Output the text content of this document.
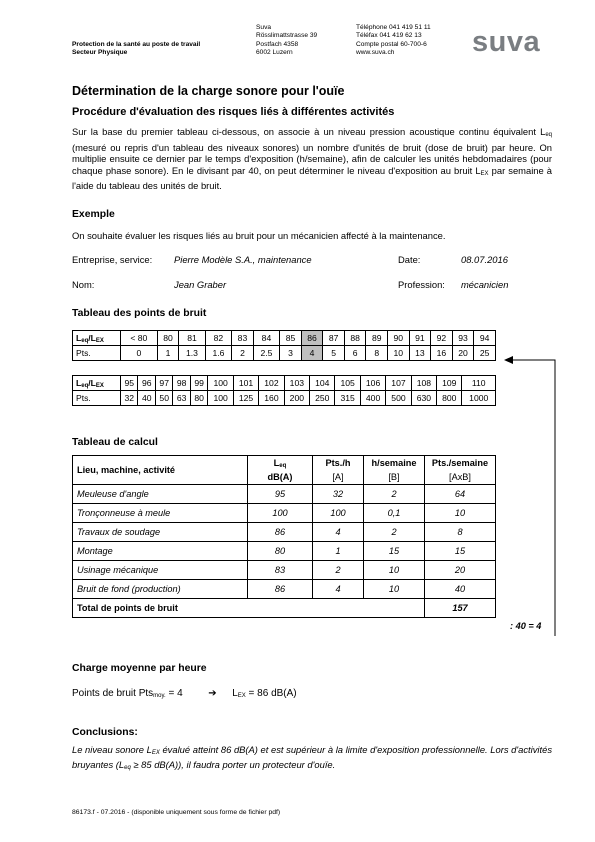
Protection de la santé au poste de travail
Secteur Physique
Suva
Rösslimattstrasse 39
Postfach 4358
6002 Luzern
Téléphone 041 419 51 11
Téléfax 041 419 62 13
Compte postal 60-700-6
www.suva.ch	suva
Détermination de la charge sonore pour l'ouïe
Procédure d'évaluation des risques liés à différentes activités
Sur la base du premier tableau ci-dessous, on associe à un niveau pression acoustique continu équivalent Leq (mesuré ou repris d'un tableau des niveaux sonores) un nombre d'unités de bruit (dose de bruit) par heure. On multiplie ensuite ce dernier par le temps d'exposition (h/semaine), afin de calculer les unités hebdomadaires (pour chaque phase sonore). En le divisant par 40, on peut déterminer le niveau d'exposition au bruit LEX par semaine à l'aide du tableau des unités de bruit.
Exemple
On souhaite évaluer les risques liés au bruit pour un mécanicien affecté à la maintenance.
Entreprise, service: Pierre Modèle S.A., maintenance	Date:	08.07.2016
Nom:	Jean Graber	Profession: mécanicien
Tableau des points de bruit
Leq/LEX	< 80	80	81	82	83	84	85	86	87	88	89	90	91	92	93	94
Pts.	0	1	1.3	1.6	2	2.5	3	4	5	6	8	10	13	16	20	25
Leq/LEX	95	96	97	98	99	100	101	102	103	104	105	106	107	108	109	110
Pts.	32	40	50	63	80	100	125	160	200	250	315	400	500	630	800	1000
Tableau de calcul
Lieu, machine, activité	Leq	Pts./h	h/semaine	Pts./semaine
	dB(A)	[A]	[B]	[AxB]
Meuleuse d'angle	95	32	2	64
Tronçonneuse à meule	100	100	0,1	10
Travaux de soudage	86	4	2	8
Montage	80	1	15	15
Usinage mécanique	83	2	10	20
Bruit de fond (production)	86	4	10	40
Total de points de bruit				157
: 40 = 4
Charge moyenne par heure
Points de bruit Ptsmoy. = 4	➔ LEX = 86 dB(A)
Conclusions:
Le niveau sonore LEX évalué atteint 86 dB(A) et est supérieur à la limite d'exposition professionnelle. Lors d'activités bruyantes (Leq ≥ 85 dB(A)), il faudra porter un protecteur d'ouïe.
86173.f - 07.2016 - (disponible uniquement sous forme de fichier pdf)
